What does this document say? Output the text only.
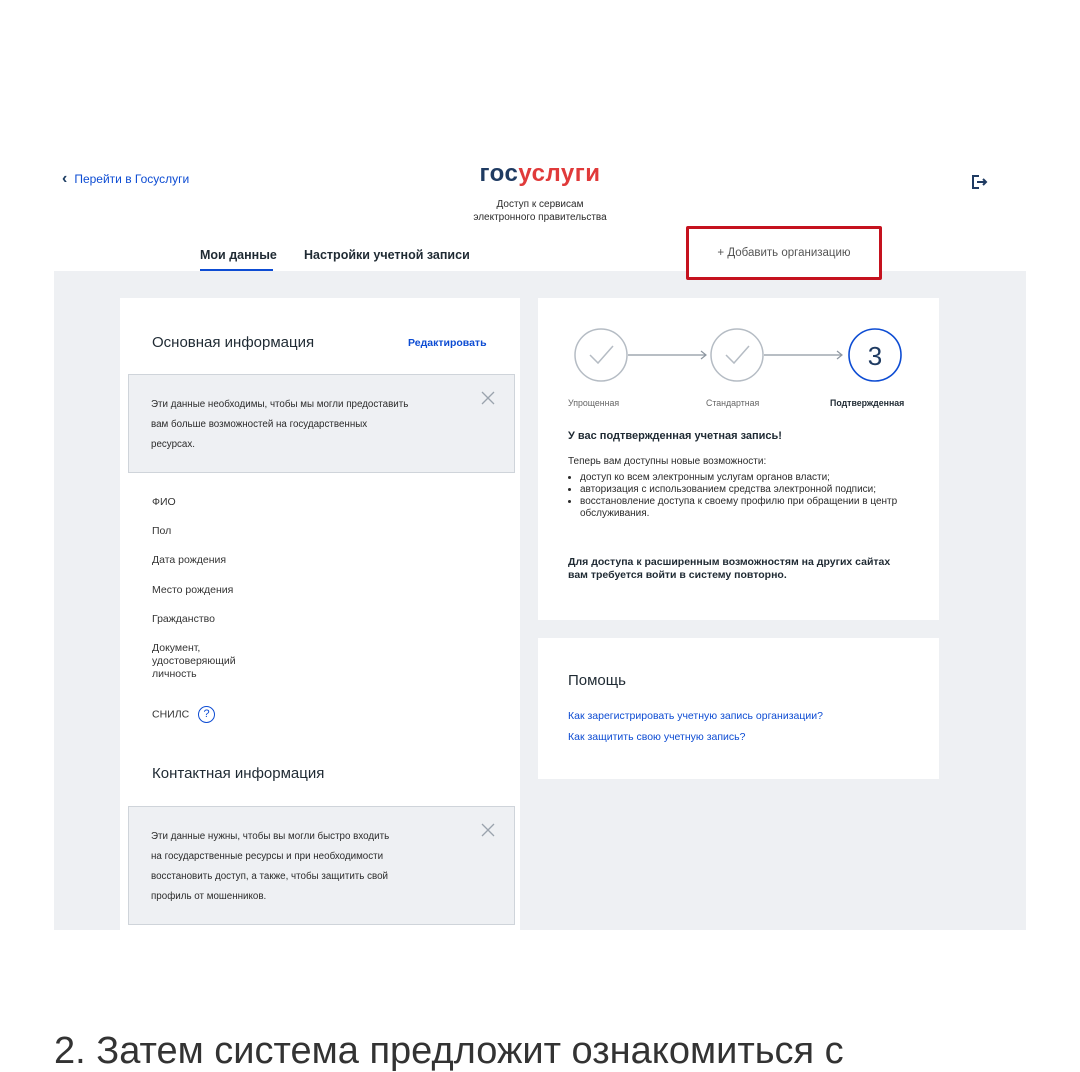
‹ Перейти в Госуслуги	госуслуги
Доступ к сервисам
электронного правительства
Мои данные Настройки учетной записи	+ Добавить организацию
Основная информация	Редактировать
Эти данные необходимы, чтобы мы могли предоставить
вам больше возможностей на государственных
ресурсах.
ФИО
Пол
Дата рождения
Место рождения
Гражданство
Документ,
удостоверяющий
личность
СНИЛС ?
Контактная информация
Эти данные нужны, чтобы вы могли быстро входить
на государственные ресурсы и при необходимости
восстановить доступ, а также, чтобы защитить свой
профиль от мошенников.
3
Упрощенная	Стандартная	Подтвержденная
У вас подтвержденная учетная запись!
Теперь вам доступны новые возможности:
• доступ ко всем электронным услугам органов власти;
• авторизация с использованием средства электронной подписи;
• восстановление доступа к своему профилю при обращении в центр обслуживания.
Для доступа к расширенным возможностям на других сайтах вам требуется войти в систему повторно.
Помощь
Как зарегистрировать учетную запись организации?
Как защитить свою учетную запись?
2. Затем система предложит ознакомиться с
